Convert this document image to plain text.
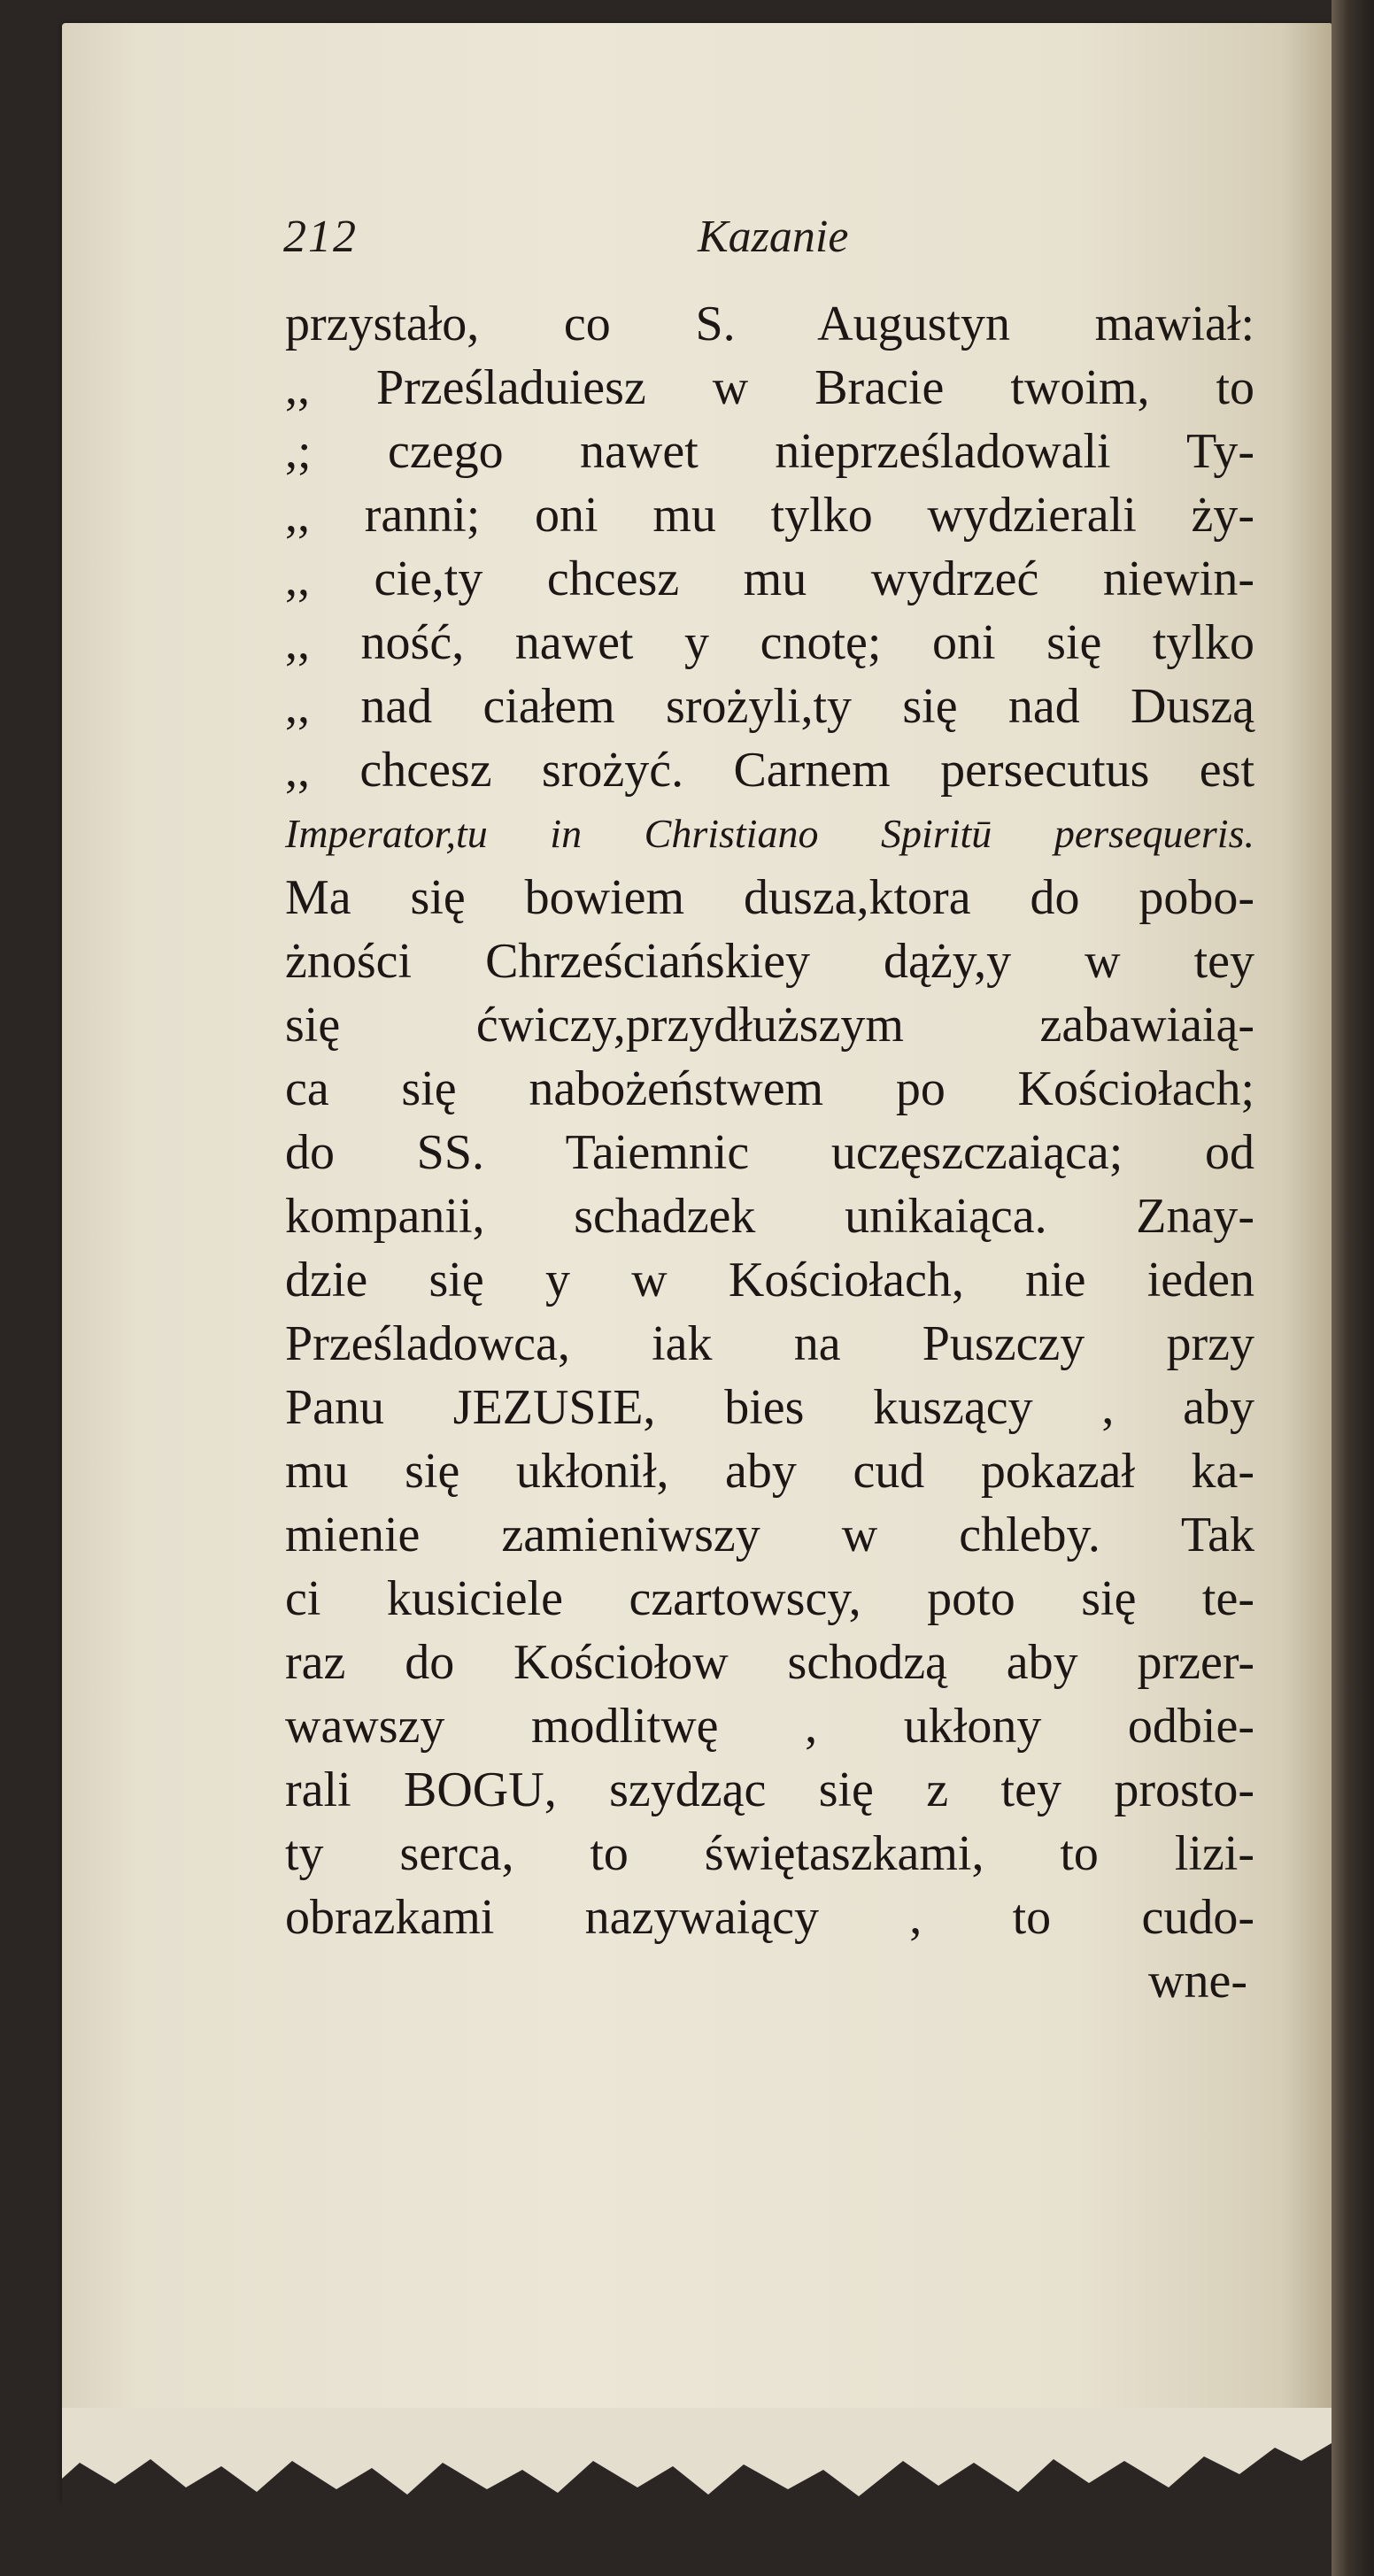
212	Kazanie
przystało, co S. Augustyn mawiał:
,, Prześladuiesz w Bracie twoim, to
,; czego nawet nieprześladowali Ty-
,, ranni; oni mu tylko wydzierali ży-
,, cie,ty chcesz mu wydrzeć niewin-
,, ność, nawet y cnotę; oni się tylko
,, nad ciałem srożyli,ty się nad Duszą
,, chcesz srożyć. Carnem persecutus est
Imperator,tu in Christiano Spiritū persequeris.
Ma się bowiem dusza,ktora do pobo-
żności Chrześciańskiey dąży,y w tey
się ćwiczy,przydłuższym zabawiaią-
ca się nabożeństwem po Kościołach;
do SS. Taiemnic uczęszczaiąca; od
kompanii, schadzek unikaiąca. Znay-
dzie się y w Kościołach, nie ieden
Prześladowca, iak na Puszczy przy
Panu JEZUSIE, bies kuszący , aby
mu się ukłonił, aby cud pokazał ka-
mienie zamieniwszy w chleby. Tak
ci kusiciele czartowscy, poto się te-
raz do Kościołow schodzą aby przer-
wawszy modlitwę , ukłony odbie-
rali BOGU, szydząc się z tey prosto-
ty serca, to świętaszkami, to lizi-
obrazkami nazywaiący , to cudo-
wne-
